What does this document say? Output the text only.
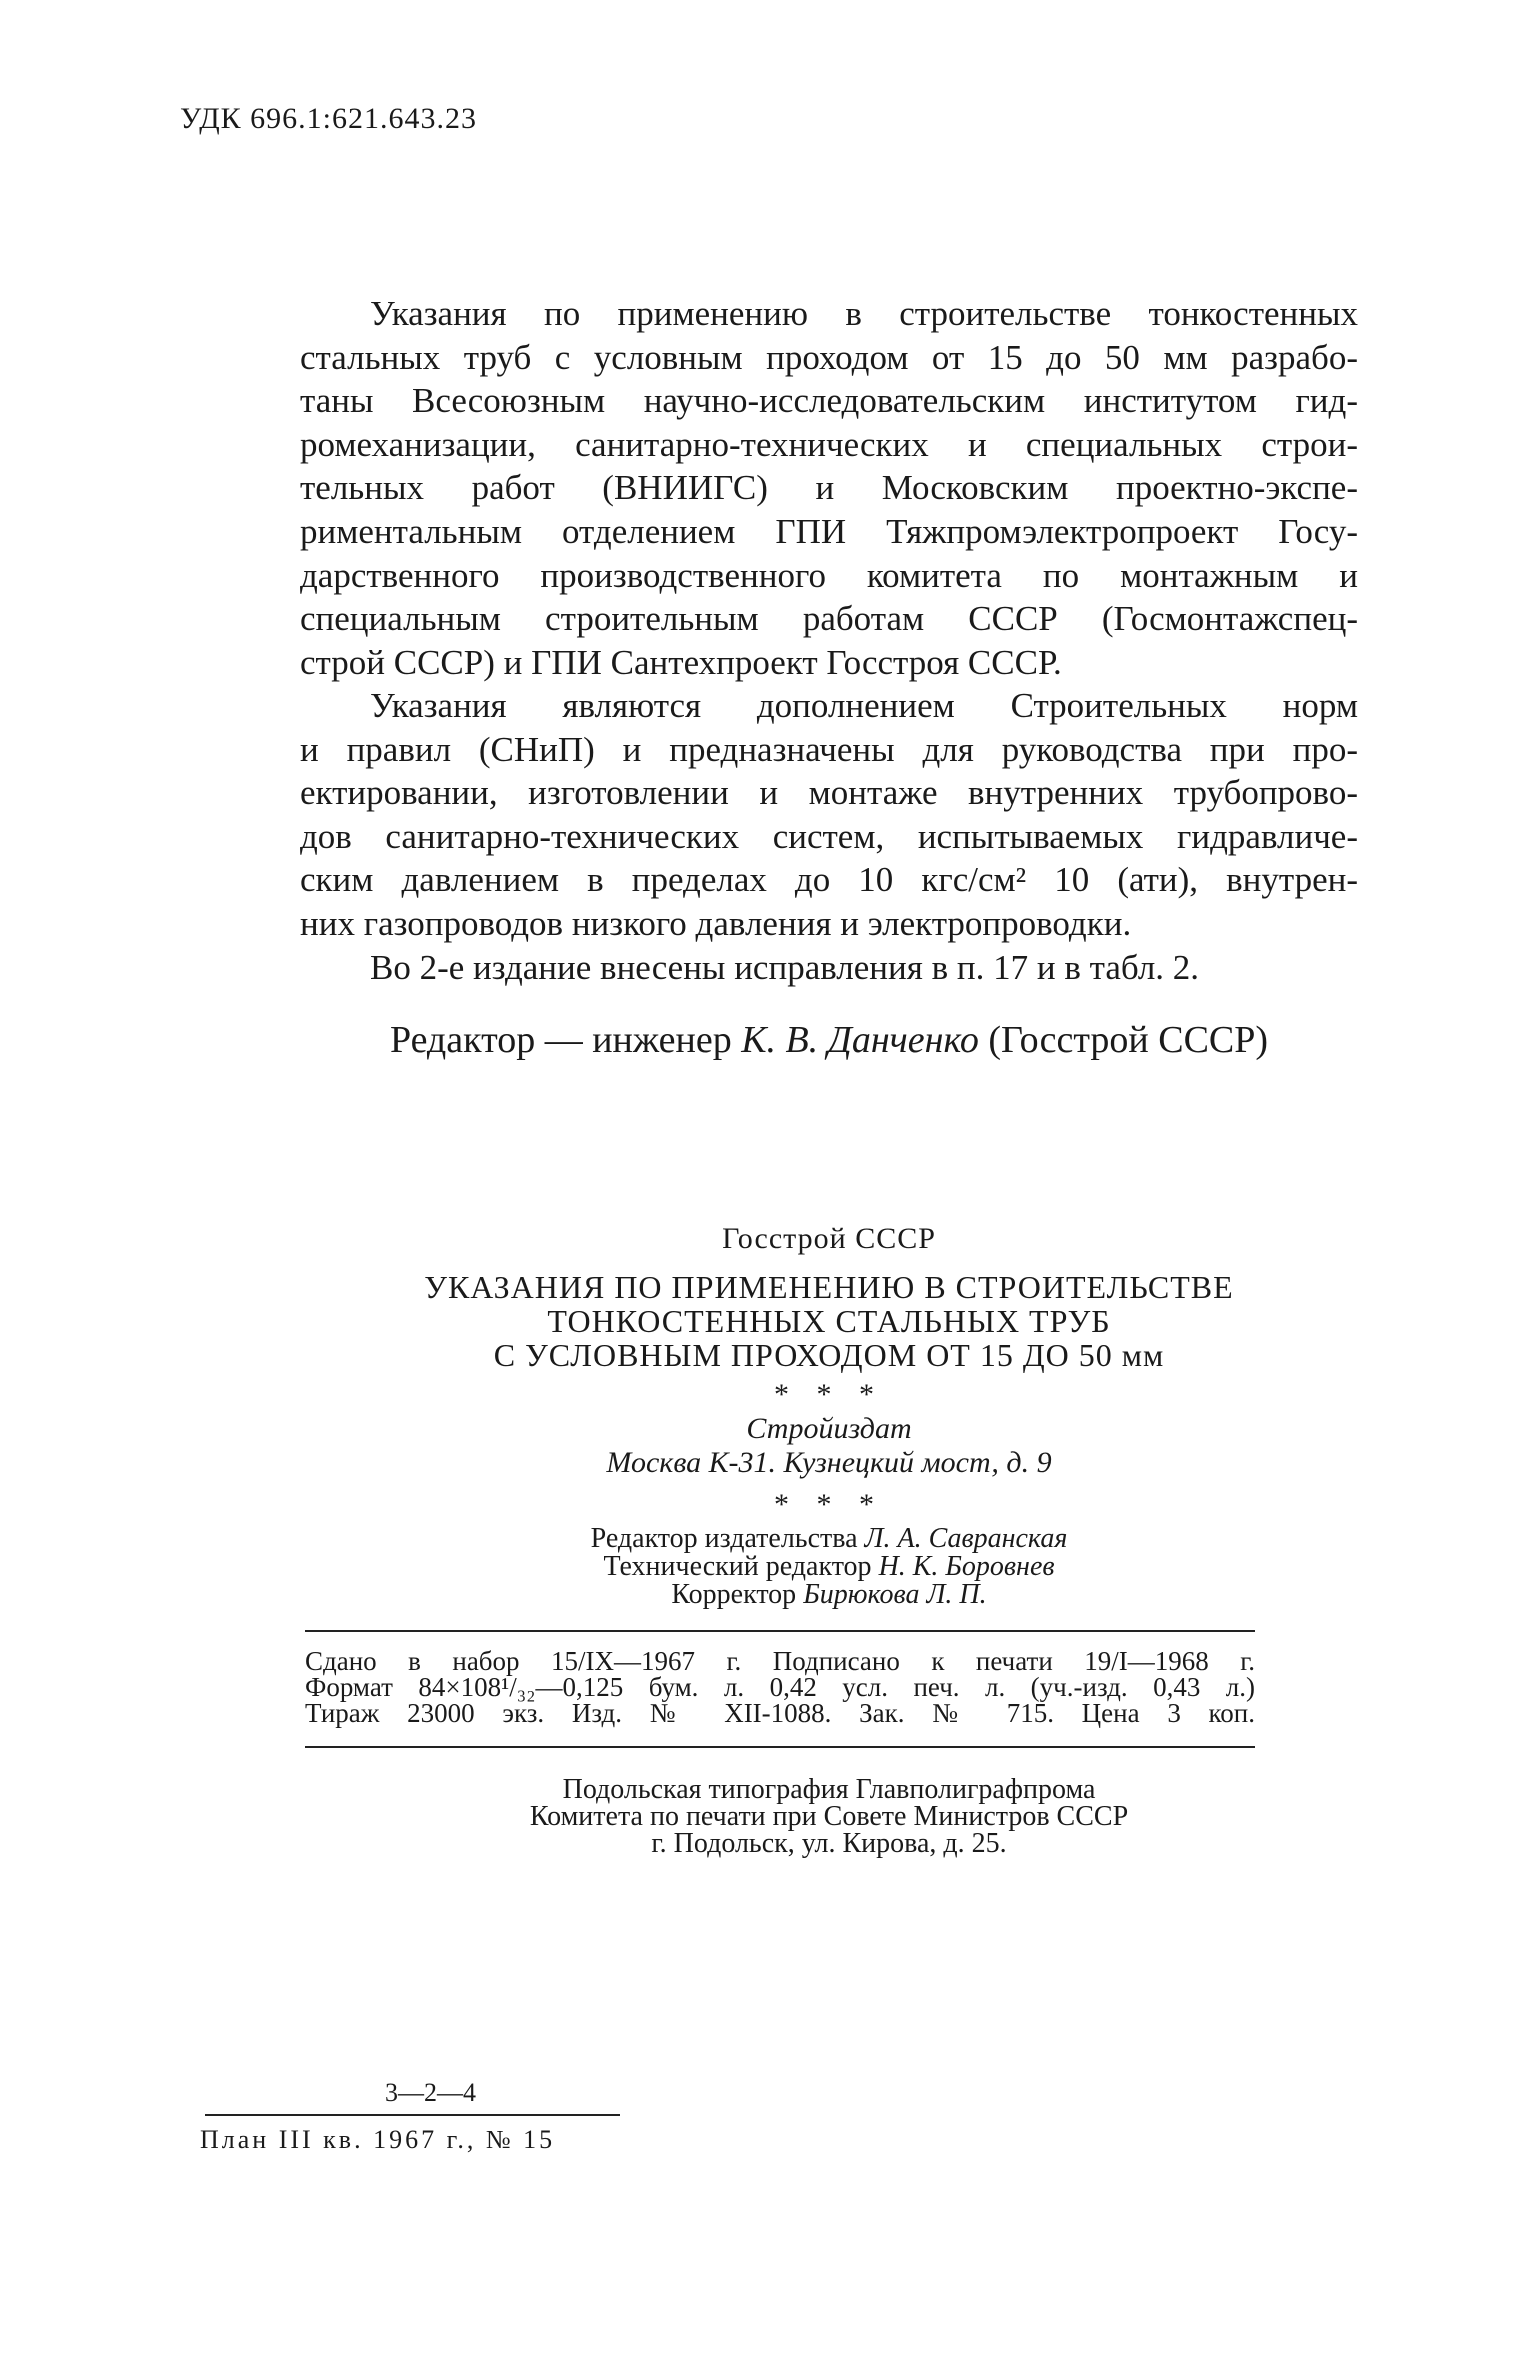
УДК 696.1:621.643.23
Указания по применению в строительстве тонкостенных
стальных труб с условным проходом от 15 до 50 мм разрабо-
таны Всесоюзным научно-исследовательским институтом гид-
ромеханизации, санитарно-технических и специальных строи-
тельных работ (ВНИИГС) и Московским проектно-экспе-
риментальным отделением ГПИ Тяжпромэлектропроект Госу-
дарственного производственного комитета по монтажным и
специальным строительным работам СССР (Госмонтажспец-
строй СССР) и ГПИ Сантехпроект Госстроя СССР.
Указания являются дополнением Строительных норм
и правил (СНиП) и предназначены для руководства при про-
ектировании, изготовлении и монтаже внутренних трубопрово-
дов санитарно-технических систем, испытываемых гидравличе-
ским давлением в пределах до 10 кгс/см² 10 (ати), внутрен-
них газопроводов низкого давления и электропроводки.
Во 2-е издание внесены исправления в п. 17 и в табл. 2.
Редактор — инженер К. В. Данченко (Госстрой СССР)
Госстрой СССР
УКАЗАНИЯ ПО ПРИМЕНЕНИЮ В СТРОИТЕЛЬСТВЕ
ТОНКОСТЕННЫХ СТАЛЬНЫХ ТРУБ
С УСЛОВНЫМ ПРОХОДОМ ОТ 15 ДО 50 мм
* * *
Стройиздат
Москва К-31. Кузнецкий мост, д. 9
* * *
Редактор издательства Л. А. Савранская
Технический редактор Н. К. Боровнев
Корректор Бирюкова Л. П.
Сдано в набор 15/IX—1967 г. Подписано к печати 19/I—1968 г.
Формат 84×108¹/₃₂—0,125 бум. л. 0,42 усл. печ. л. (уч.-изд. 0,43 л.)
Тираж 23000 экз. Изд. № XII-1088. Зак. № 715. Цена 3 коп.
Подольская типография Главполиграфпрома
Комитета по печати при Совете Министров СССР
г. Подольск, ул. Кирова, д. 25.
3—2—4
План III кв. 1967 г., № 15
